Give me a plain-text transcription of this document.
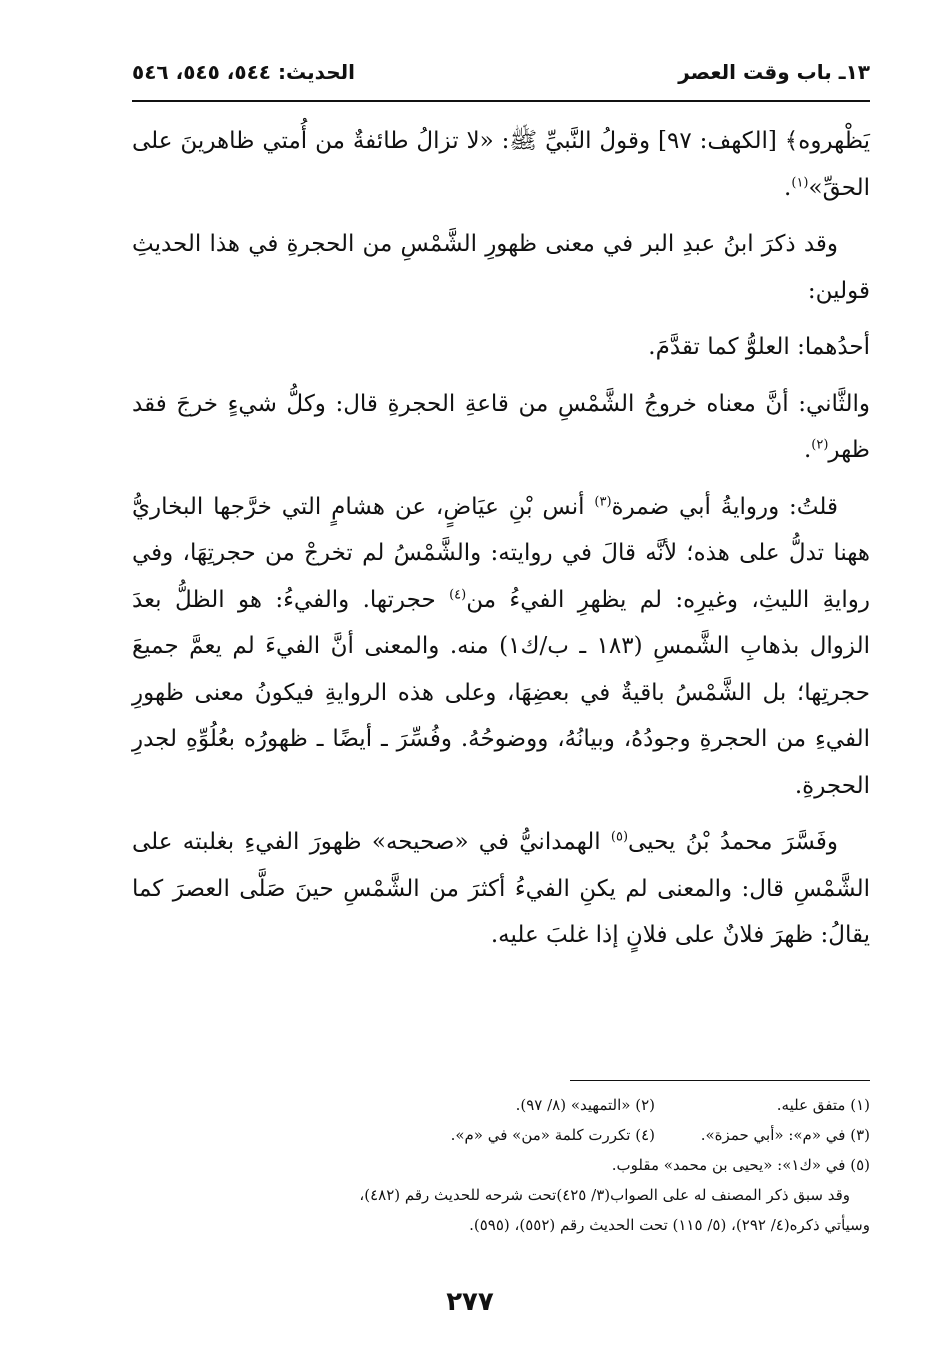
١٣ـ باب وقت العصر
الحديث: ٥٤٤، ٥٤٥، ٥٤٦

يَظْهروه﴾ [الكهف: ٩٧] وقولُ النَّبيِّ ﷺ: «لا تزالُ طائفةٌ من أُمتي ظاهرينَ على الحقِّ»$^{(١)}$.

وقد ذكرَ ابنُ عبدِ البر في معنى ظهورِ الشَّمْسِ من الحجرةِ في هذا الحديثِ قولين:

أحدُهما: العلوُّ كما تقدَّمَ.

والثَّاني: أنَّ معناه خروجُ الشَّمْسِ من قاعةِ الحجرةِ قال: وكلُّ شيءٍ خرجَ فقد ظهر$^{(٢)}$.

قلتُ: وروايةُ أبي ضمرة$^{(٣)}$ أنس بْنِ عيَاضٍ، عن هشامٍ التي خرَّجها البخاريُّ ههنا تدلُّ على هذه؛ لأنَّه قالَ في روايته: والشَّمْسُ لم تخرجْ من حجرتِهَا، وفي روايةِ الليثِ، وغيرِه: لم يظهرِ الفيءُ من$^{(٤)}$ حجرتها. والفيءُ: هو الظلُّ بعدَ الزوال بذهابِ الشَّمسِ (١٨٣ ـ ب/ك١) منه. والمعنى أنَّ الفيءَ لم يعمَّ جميعَ حجرتِها؛ بل الشَّمْسُ باقيةٌ في بعضِهَا، وعلى هذه الروايةِ فيكونُ معنى ظهورِ الفيءِ من الحجرةِ وجودُهُ، وبيانُهُ، ووضوحُهُ. وفُسِّرَ ـ أيضًا ـ ظهورُه بعُلُوِّهِ لجدرِ الحجرةِ.

وفَسَّرَ محمدُ بْنُ يحيى$^{(٥)}$ الهمدانيُّ في «صحيحه» ظهورَ الفيءِ بغلبته على الشَّمْسِ قال: والمعنى لم يكنِ الفيءُ أكثرَ من الشَّمْسِ حينَ صَلَّى العصرَ كما يقالُ: ظهرَ فلانٌ على فلانٍ إذا غلبَ عليه.

(١) متفق عليه.
(٢) «التمهيد» (٨/ ٩٧).
(٣) في «م»: «أبي حمزة».
(٤) تكررت كلمة «من» في «م».
(٥) في «ك١»: «يحيى بن محمد» مقلوب.
وقد سبق ذكر المصنف له على الصواب(٣/ ٤٢٥)تحت شرحه للحديث رقم (٤٨٢)،
وسيأتي ذكره(٤/ ٢٩٢)، (٥/ ١١٥) تحت الحديث رقم (٥٥٢)، (٥٩٥).
٢٧٧
